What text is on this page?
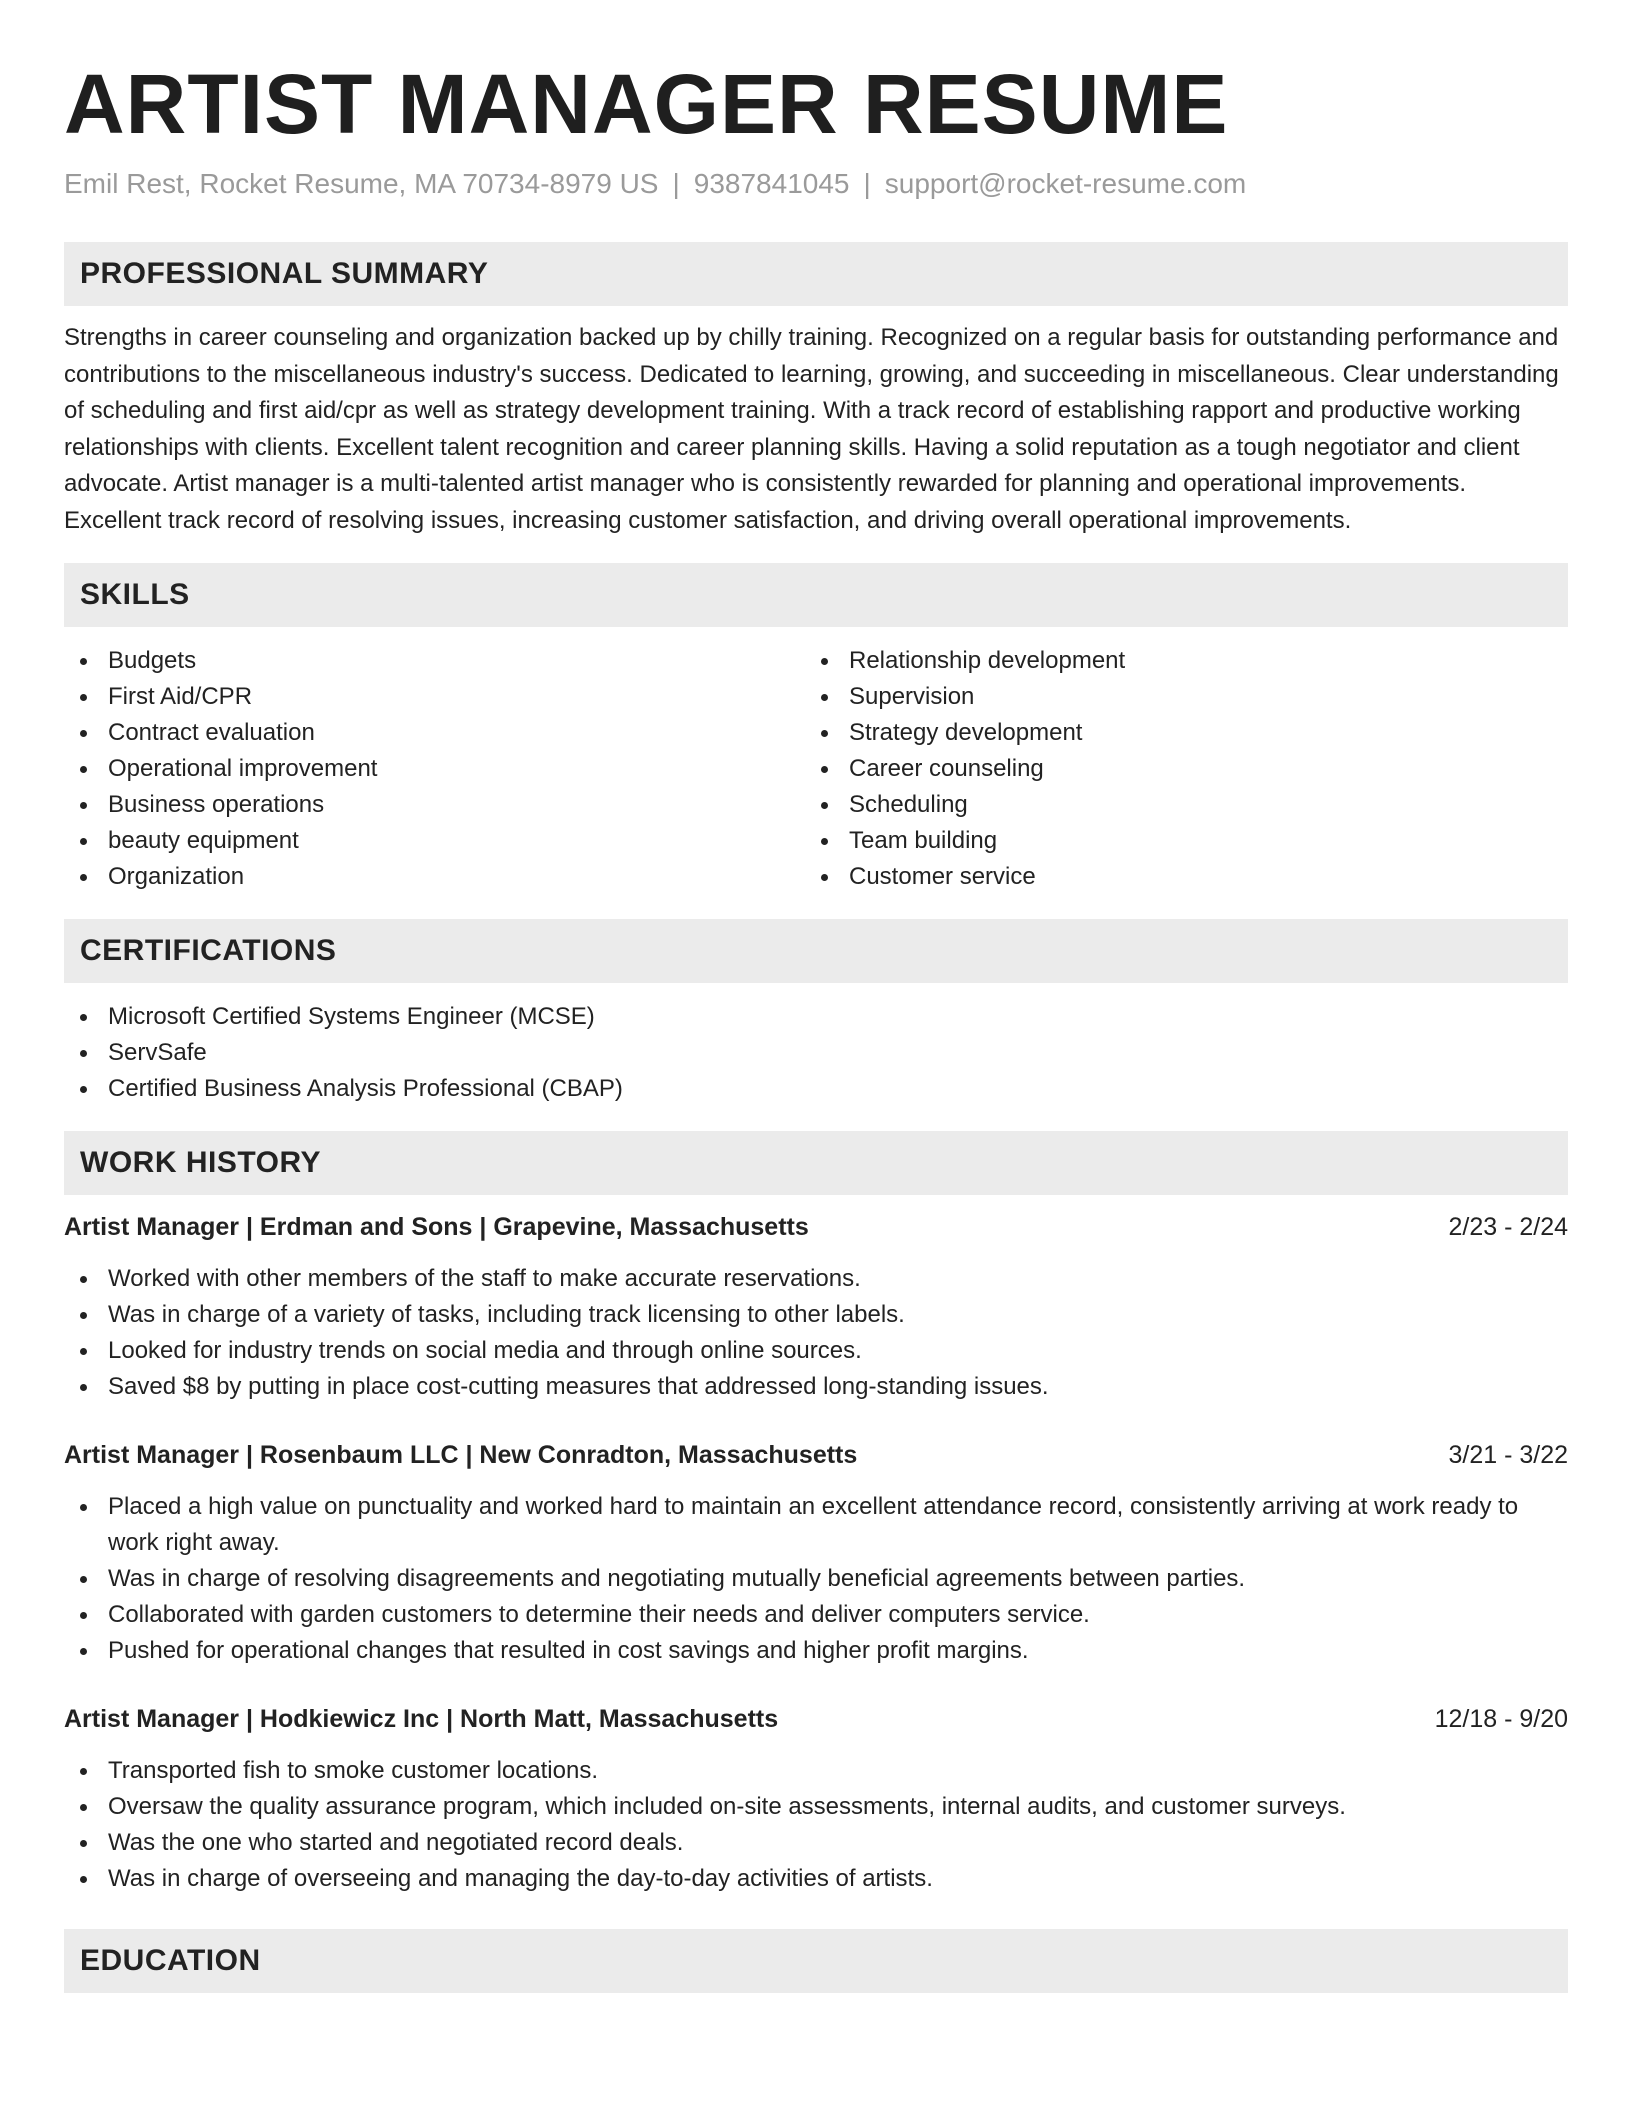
ARTIST MANAGER RESUME
Emil Rest, Rocket Resume, MA 70734-8979 US | 9387841045 | support@rocket-resume.com
PROFESSIONAL SUMMARY

Strengths in career counseling and organization backed up by chilly training. Recognized on a regular basis for outstanding performance and contributions to the miscellaneous industry's success. Dedicated to learning, growing, and succeeding in miscellaneous. Clear understanding of scheduling and first aid/cpr as well as strategy development training. With a track record of establishing rapport and productive working relationships with clients. Excellent talent recognition and career planning skills. Having a solid reputation as a tough negotiator and client advocate. Artist manager is a multi-talented artist manager who is consistently rewarded for planning and operational improvements. Excellent track record of resolving issues, increasing customer satisfaction, and driving overall operational improvements.

SKILLS
Budgets
First Aid/CPR
Contract evaluation
Operational improvement
Business operations
beauty equipment
Organization
Relationship development
Supervision
Strategy development
Career counseling
Scheduling
Team building
Customer service
CERTIFICATIONS
Microsoft Certified Systems Engineer (MCSE)
ServSafe
Certified Business Analysis Professional (CBAP)
WORK HISTORY
Artist Manager | Erdman and Sons | Grapevine, Massachusetts	2/23 - 2/24
Worked with other members of the staff to make accurate reservations.
Was in charge of a variety of tasks, including track licensing to other labels.
Looked for industry trends on social media and through online sources.
Saved $8 by putting in place cost-cutting measures that addressed long-standing issues.
Artist Manager | Rosenbaum LLC | New Conradton, Massachusetts	3/21 - 3/22
Placed a high value on punctuality and worked hard to maintain an excellent attendance record, consistently arriving at work ready to work right away.
Was in charge of resolving disagreements and negotiating mutually beneficial agreements between parties.
Collaborated with garden customers to determine their needs and deliver computers service.
Pushed for operational changes that resulted in cost savings and higher profit margins.
Artist Manager | Hodkiewicz Inc | North Matt, Massachusetts	12/18 - 9/20
Transported fish to smoke customer locations.
Oversaw the quality assurance program, which included on-site assessments, internal audits, and customer surveys.
Was the one who started and negotiated record deals.
Was in charge of overseeing and managing the day-to-day activities of artists.
EDUCATION
